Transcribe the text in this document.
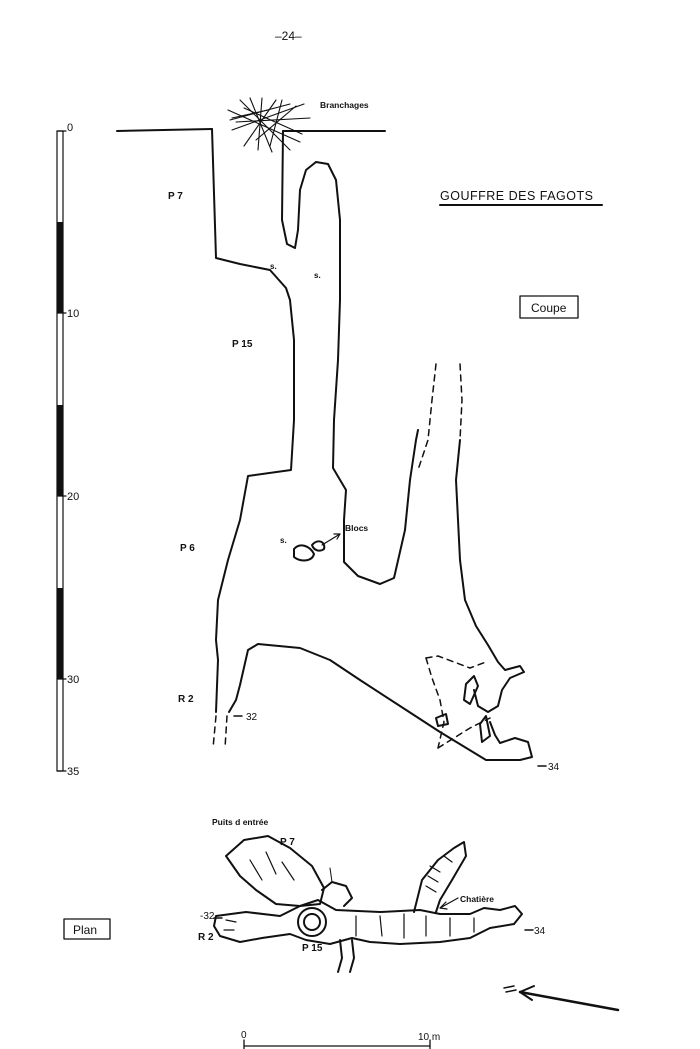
–24–
GOUFFRE DES FAGOTS
Coupe
Plan
0
10
20
30
35
Branchages
P 7
s.
s.
P 15
s.
Blocs
P 6
R 2
32
34
Puits d entrée
P 7
Chatière
-32
R 2
P 15
34
0	10 m
